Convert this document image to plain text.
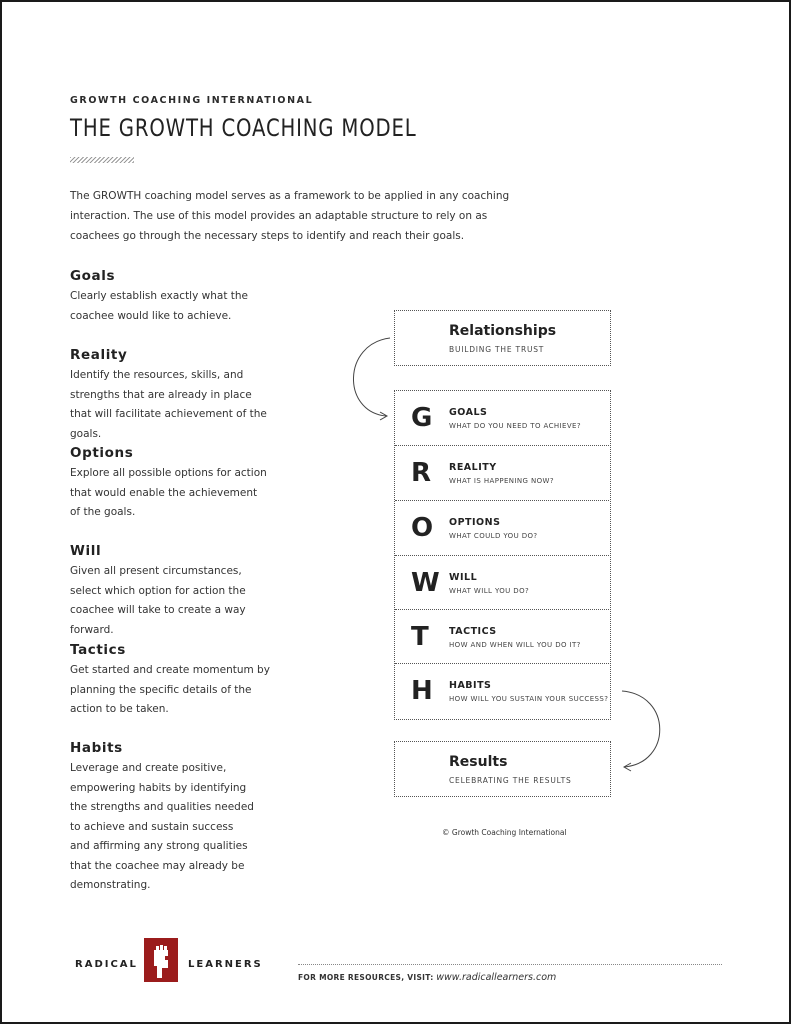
GROWTH COACHING INTERNATIONAL
THE GROWTH COACHING MODEL
The GROWTH coaching model serves as a framework to be applied in any coaching interaction. The use of this model provides an adaptable structure to rely on as coachees go through the necessary steps to identify and reach their goals.
Goals

Clearly establish exactly what the coachee would like to achieve.

Reality

Identify the resources, skills, and strengths that are already in place that will facilitate achievement of the goals.

Options

Explore all possible options for action that would enable the achievement of the goals.

Will

Given all present circumstances, select which option for action the coachee will take to create a way forward.

Tactics

Get started and create momentum by planning the specific details of the action to be taken.

Habits

Leverage and create positive, empowering habits by identifying the strengths and qualities needed to achieve and sustain success and affirming any strong qualities that the coachee may already be demonstrating.

Relationships
BUILDING THE TRUST
G	GOALS
WHAT DO YOU NEED TO ACHIEVE?
R	REALITY
WHAT IS HAPPENING NOW?
O	OPTIONS
WHAT COULD YOU DO?
W WILL
WHAT WILL YOU DO?
T	TACTICS
HOW AND WHEN WILL YOU DO IT?
H	HABITS
HOW WILL YOU SUSTAIN YOUR SUCCESS?
Results
CELEBRATING THE RESULTS
© Growth Coaching International
RADICAL	LEARNERS
FOR MORE RESOURCES, VISIT: www.radicallearners.com
